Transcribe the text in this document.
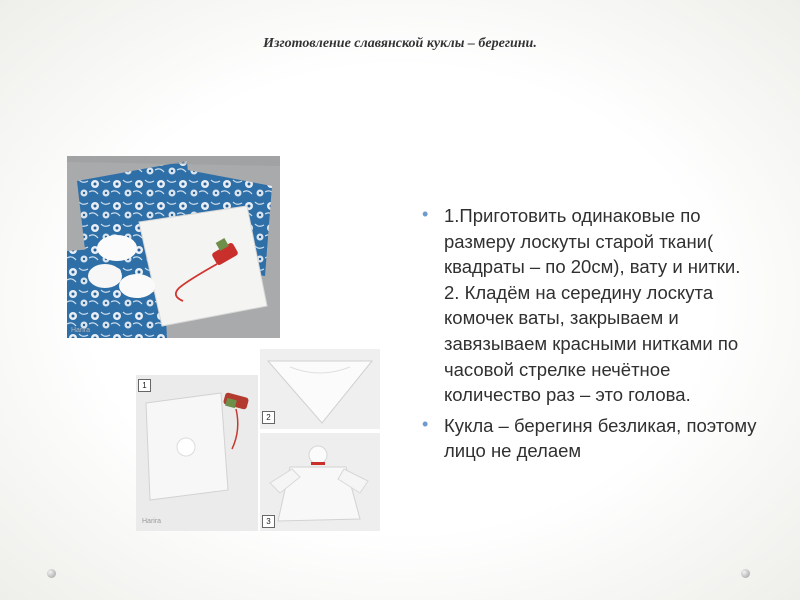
Изготовление славянской куклы – берегини.
Harira
1
Harira
2
3
• 1.Приготовить одинаковые по размеру лоскуты старой ткани( квадраты – по 20см), вату и нитки.
2. Кладём на середину лоскута комочек ваты, закрываем и завязываем красными нитками по часовой стрелке нечётное количество раз – это голова.
• Кукла – берегиня безликая, поэтому лицо не делаем
